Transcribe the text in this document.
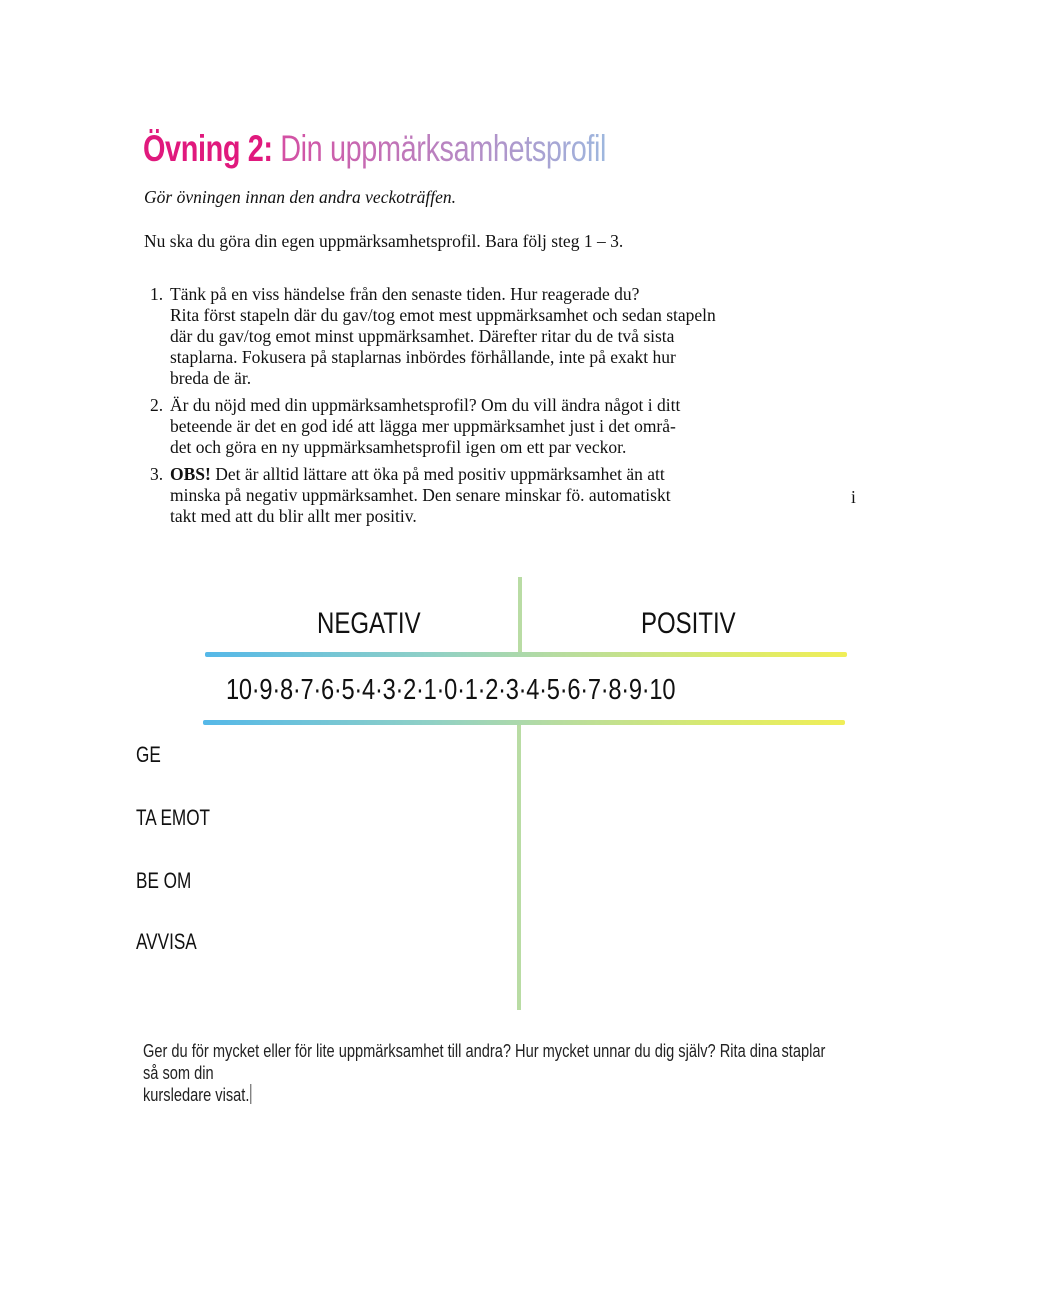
Övning 2: Din uppmärksamhetsprofil

Gör övningen innan den andra veckoträffen.

Nu ska du göra din egen uppmärksamhetsprofil. Bara följ steg 1 – 3.

1. Tänk på en viss händelse från den senaste tiden. Hur reagerade du?
Rita först stapeln där du gav/tog emot mest uppmärksamhet och sedan stapeln
där du gav/tog emot minst uppmärksamhet. Därefter ritar du de två sista
staplarna. Fokusera på staplarnas inbördes förhållande, inte på exakt hur
breda de är.
2. Är du nöjd med din uppmärksamhetsprofil? Om du vill ändra något i ditt
beteende är det en god idé att lägga mer uppmärksamhet just i det områ-
det och göra en ny uppmärksamhetsprofil igen om ett par veckor.
3. OBS! Det är alltid lättare att öka på med positiv uppmärksamhet än att
minska på negativ uppmärksamhet. Den senare minskar fö. automatiskt
takt med att du blir allt mer positiv.
i
NEGATIV	POSITIV
10·9·8·7·6·5·4·3·2·1·0·1·2·3·4·5·6·7·8·9·10
GE
TA EMOT
BE OM
AVVISA
Ger du för mycket eller för lite uppmärksamhet till andra? Hur mycket unnar du dig själv? Rita dina staplar så som din
kursledare visat.
